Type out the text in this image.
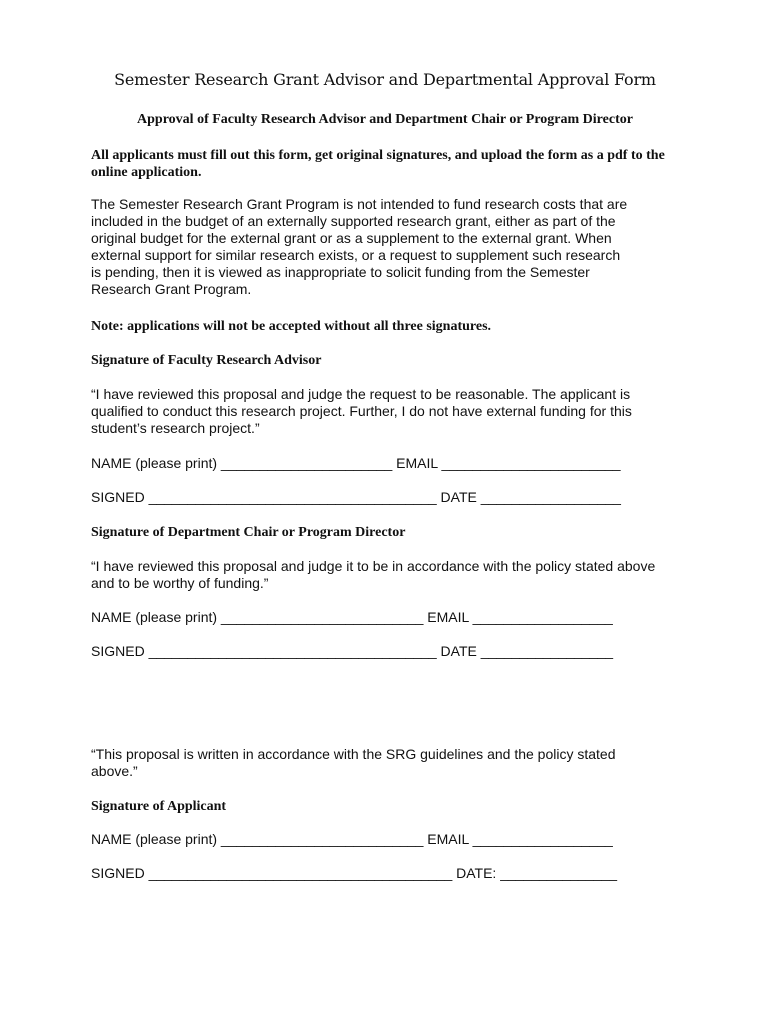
Semester Research Grant Advisor and Departmental Approval Form
Approval of Faculty Research Advisor and Department Chair or Program Director
All applicants must fill out this form, get original signatures, and upload the form as a pdf to the online application.
The Semester Research Grant Program is not intended to fund research costs that are
included in the budget of an externally supported research grant, either as part of the
original budget for the external grant or as a supplement to the external grant. When
external support for similar research exists, or a request to supplement such research
is pending, then it is viewed as inappropriate to solicit funding from the Semester
Research Grant Program.
Note: applications will not be accepted without all three signatures.
Signature of Faculty Research Advisor
“I have reviewed this proposal and judge the request to be reasonable. The applicant is
qualified to conduct this research project. Further, I do not have external funding for this
student’s research project.”
NAME (please print) ______________________ EMAIL _______________________
SIGNED _____________________________________ DATE __________________
Signature of Department Chair or Program Director
“I have reviewed this proposal and judge it to be in accordance with the policy stated above
and to be worthy of funding.”
NAME (please print) __________________________ EMAIL __________________
SIGNED _____________________________________ DATE _________________
“This proposal is written in accordance with the SRG guidelines and the policy stated
above.”
Signature of Applicant
NAME (please print) __________________________ EMAIL __________________
SIGNED _______________________________________ DATE: _______________
